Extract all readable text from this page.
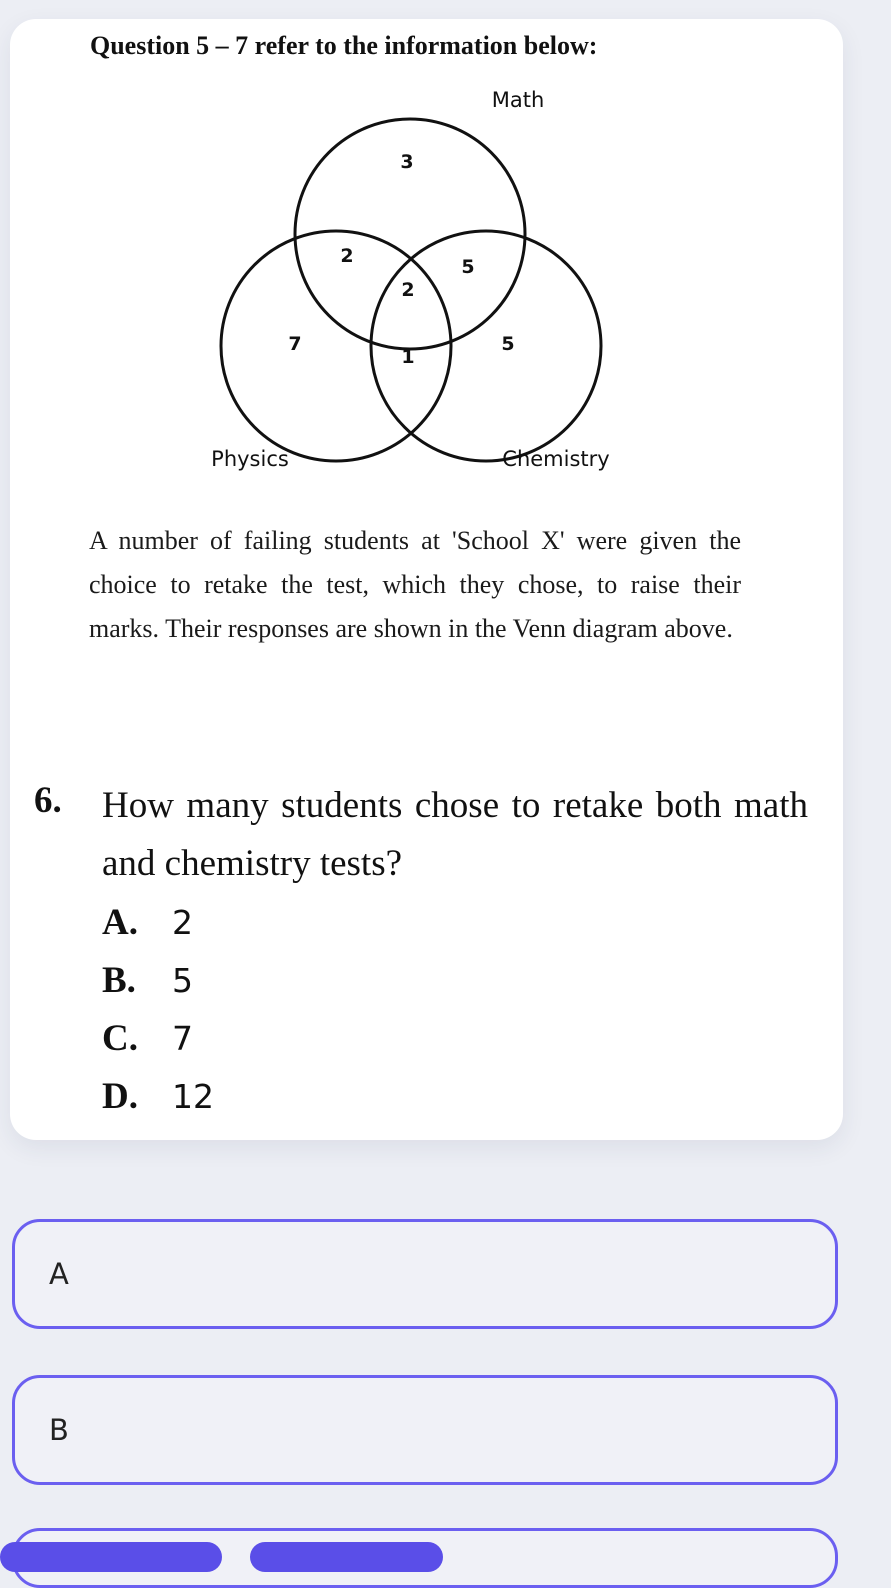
Question 5 – 7 refer to the information below:
Math
Physics	Chemistry
3
2	5
2
7
1
5
A number of failing students at 'School X' were given the choice to retake the test, which they chose, to raise their marks. Their responses are shown in the Venn diagram above.
6. How many students chose to retake both math and chemistry tests?
A.	2
B.	5
C.	7
D.	12
A
B
